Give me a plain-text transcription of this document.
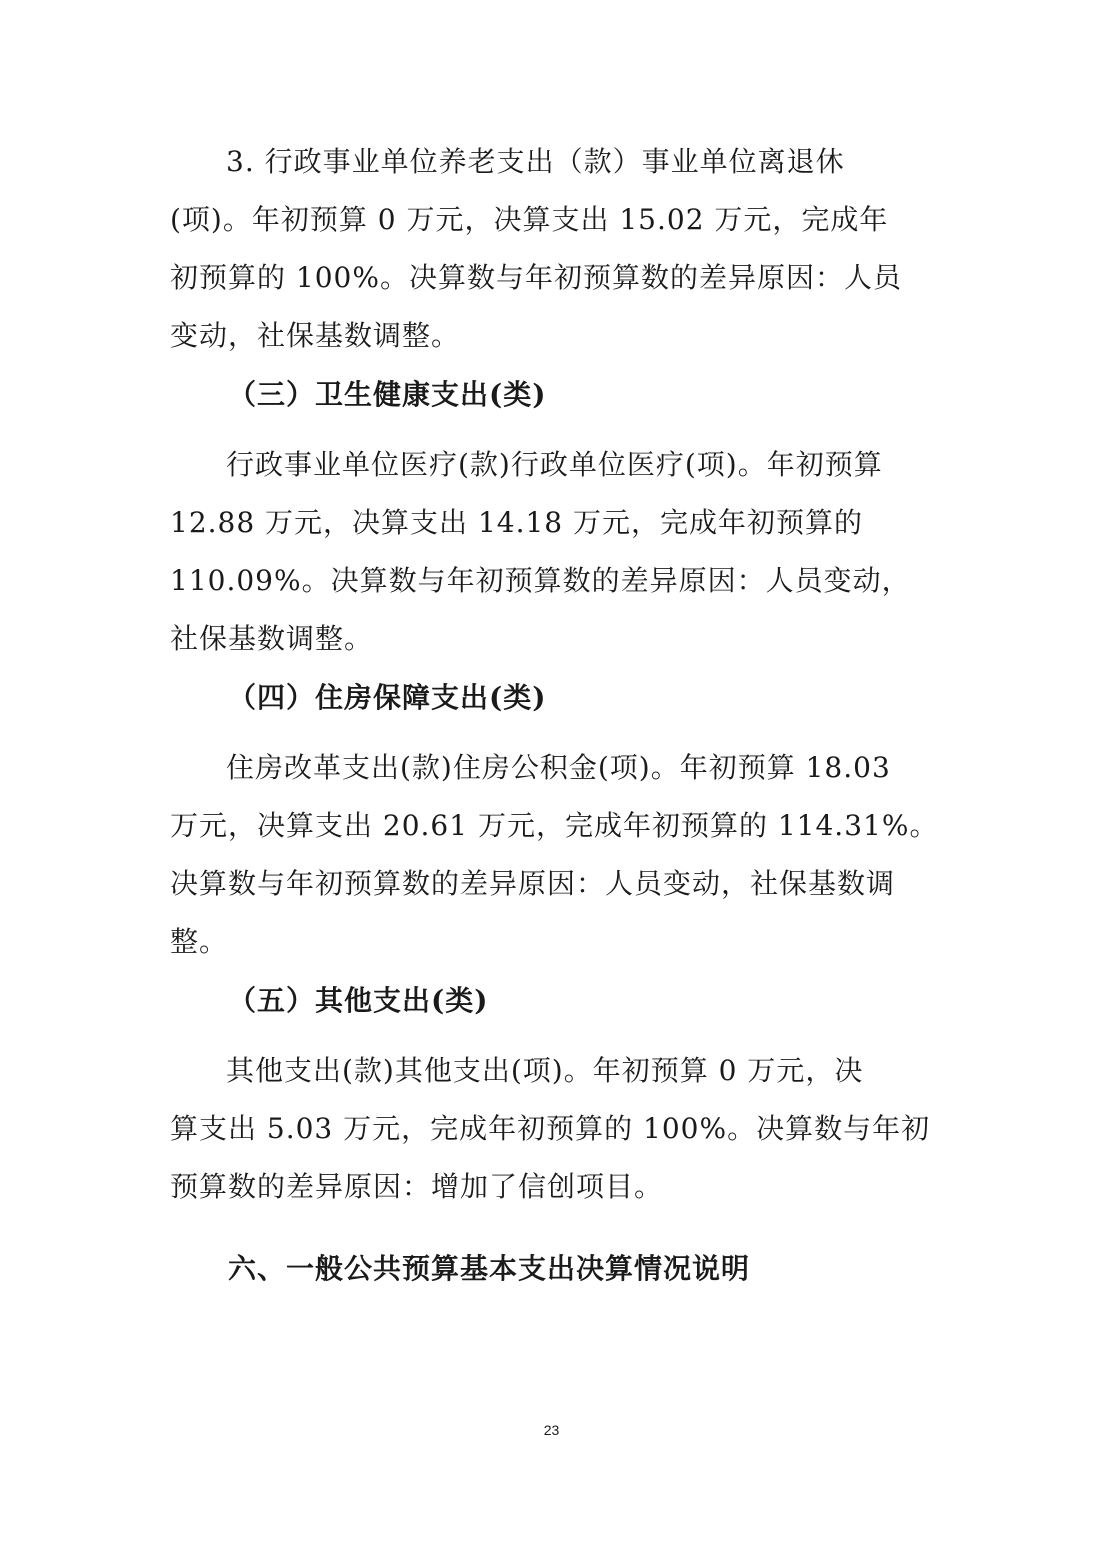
3. 行政事业单位养老支出（款）事业单位离退休
(项)。年初预算 0 万元，决算支出 15.02 万元，完成年
初预算的 100%。决算数与年初预算数的差异原因：人员
变动，社保基数调整。
（三）卫生健康支出(类)
行政事业单位医疗(款)行政单位医疗(项)。年初预算
12.88 万元，决算支出 14.18 万元，完成年初预算的
110.09%。决算数与年初预算数的差异原因：人员变动，
社保基数调整。
（四）住房保障支出(类)
住房改革支出(款)住房公积金(项)。年初预算 18.03
万元，决算支出 20.61 万元，完成年初预算的 114.31%。
决算数与年初预算数的差异原因：人员变动，社保基数调
整。
（五）其他支出(类)
其他支出(款)其他支出(项)。年初预算 0 万元，决
算支出 5.03 万元，完成年初预算的 100%。决算数与年初
预算数的差异原因：增加了信创项目。
六、一般公共预算基本支出决算情况说明
23
